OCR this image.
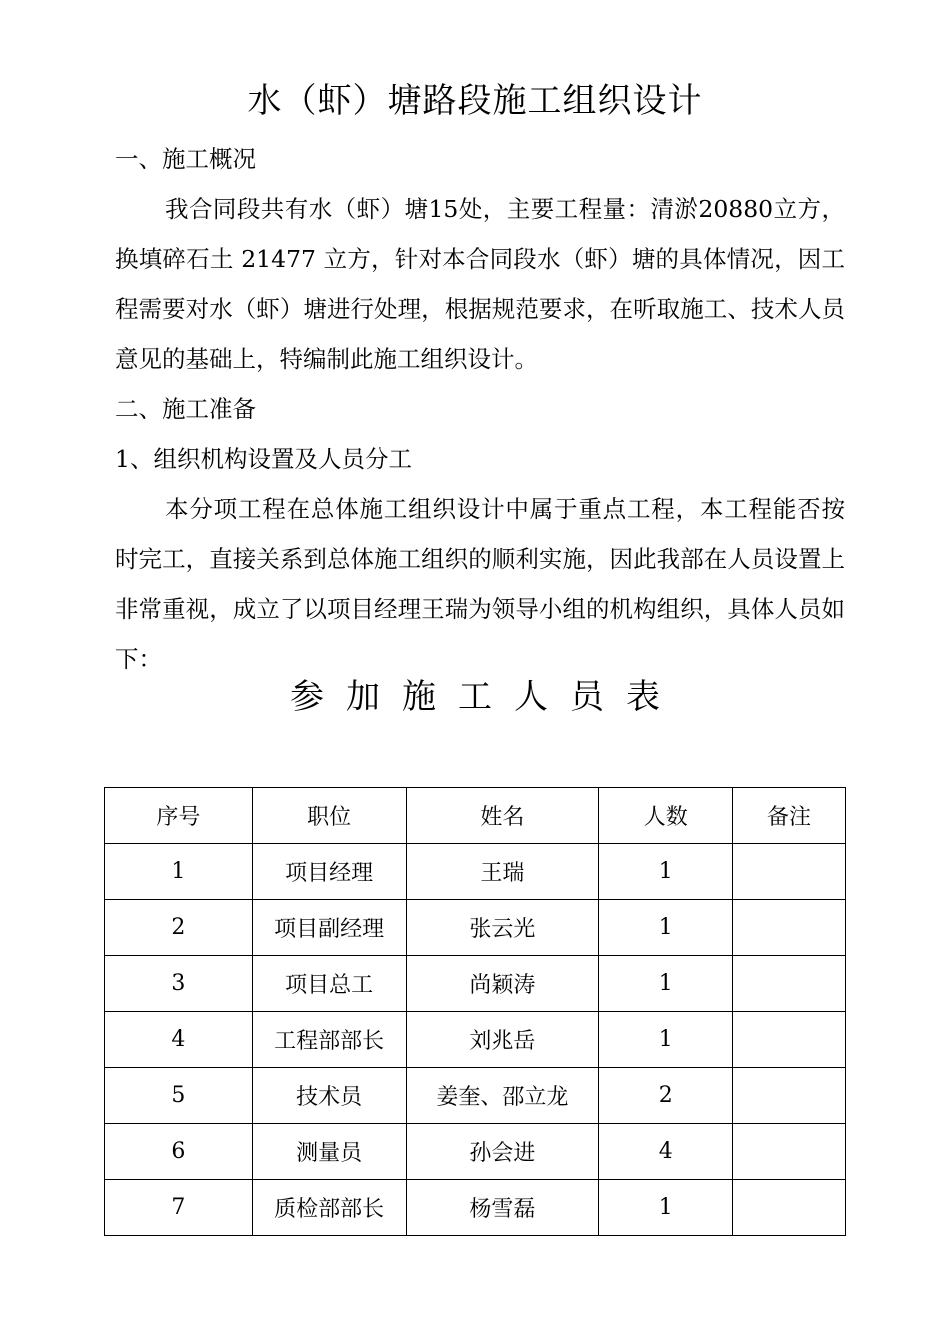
水（虾）塘路段施工组织设计

一、施工概况

我合同段共有水（虾）塘15处，主要工程量：清淤20880立方，换填碎石土 21477 立方，针对本合同段水（虾）塘的具体情况，因工程需要对水（虾）塘进行处理，根据规范要求，在听取施工、技术人员意见的基础上，特编制此施工组织设计。

二、施工准备

1、组织机构设置及人员分工

本分项工程在总体施工组织设计中属于重点工程，本工程能否按时完工，直接关系到总体施工组织的顺利实施，因此我部在人员设置上非常重视，成立了以项目经理王瑞为领导小组的机构组织，具体人员如下：

参加施工人员表
序号	职位	姓名	人数	备注
1	项目经理	王瑞	1	
2	项目副经理	张云光	1	
3	项目总工	尚颖涛	1	
4	工程部部长	刘兆岳	1	
5	技术员	姜奎、邵立龙	2	
6	测量员	孙会进	4	
7	质检部部长	杨雪磊	1	
